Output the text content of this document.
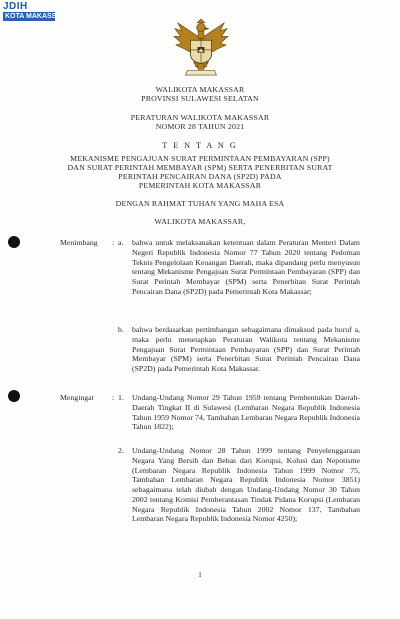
JDIH
KOTA MAKASSAR
WALIKOTA MAKASSAR
PROVINSI SULAWESI SELATAN
PERATURAN WALIKOTA MAKASSAR
NOMOR 28 TAHUN 2021
T E N T A N G
MEKANISME PENGAJUAN SURAT PERMINTAAN PEMBAYARAN (SPP)
DAN SURAT PERINTAH MEMBAYAR (SPM) SERTA PENERBITAN SURAT
PERINTAH PENCAIRAN DANA (SP2D) PADA
PEMERINTAH KOTA MAKASSAR
DENGAN RAHMAT TUHAN YANG MAHA ESA
WALIKOTA MAKASSAR,
Menimbang : a. bahwa untuk melaksanakan ketentuan dalam Peraturan Menteri Dalam Negeri Republik Indonesia Nomor 77 Tahun 2020 tentang Pedoman Teknis Pengelolaan Keuangan Daerah, maka dipandang perlu menyusun tentang Mekanisme Pengajuan Surat Permintaan Pembayaran (SPP) dan Surat Perintah Membayar (SPM) serta Penerbitan Surat Perintah Pencairan Dana (SP2D) pada Pemerintah Kota Makassar;

b. bahwa berdasarkan pertimbangan sebagaimana dimaksud pada huruf a, maka perlu menetapkan Peraturan Walikota tentang Mekanisme Pengajuan Surat Permintaan Pembayaran (SPP) dan Surat Perintah Membayar (SPM) serta Penerbitan Surat Perintah Pencairan Dana (SP2D) pada Pemerintah Kota Makassar.

Mengingat : 1. Undang-Undang Nomor 29 Tahun 1959 tentang Pembentukan Daerah-Daerah Tingkat II di Sulawesi (Lembaran Negara Republik Indonesia Tahun 1959 Nomor 74, Tambahan Lembaran Negara Republik Indonesia Tahun 1822);

2. Undang-Undang Nomor 28 Tahun 1999 tentang Penyelenggaraan Negara Yang Bersih dan Bebas dari Korupsi, Kolusi dan Nepotisme (Lembaran Negara Republik Indonesia Tahun 1999 Nomor 75, Tambahan Lembaran Negara Republik Indonesia Nomor 3851) sebagaimana telah diubah dengan Undang-Undang Nomor 30 Tahun 2002 tentang Komisi Pemberantasan Tindak Pidana Korupsi (Lembaran Negara Republik Indonesia Tahun 2002 Nomor 137, Tambahan Lembaran Negara Republik Indonesia Nomor 4250);

1
